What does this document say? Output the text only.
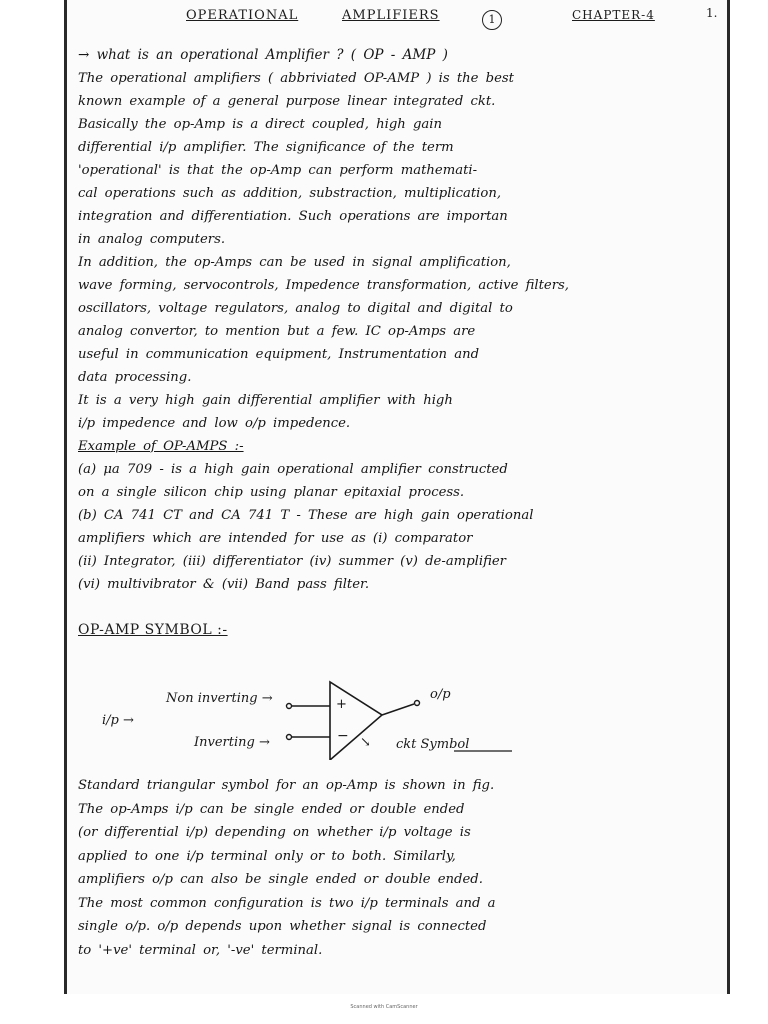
OPERATIONAL	AMPLIFIERS	1	CHAPTER-4	1.
→ what is an operational Amplifier ? ( OP - AMP )
The operational amplifiers ( abbriviated OP-AMP ) is the best
known example of a general purpose linear integrated ckt.
Basically the op-Amp is a direct coupled, high gain
differential i/p amplifier. The significance of the term
'operational' is that the op-Amp can perform mathemati-
cal operations such as addition, substraction, multiplication,
integration and differentiation. Such operations are importan
in analog computers.
In addition, the op-Amps can be used in signal amplification,
wave forming, servocontrols, Impedence transformation, active filters,
oscillators, voltage regulators, analog to digital and digital to
analog convertor, to mention but a few. IC op-Amps are
useful in communication equipment, Instrumentation and
data processing.
It is a very high gain differential amplifier with high
i/p impedence and low o/p impedence.
Example of OP-AMPS :-
(a) μa 709 - is a high gain operational amplifier constructed
on a single silicon chip using planar epitaxial process.
(b) CA 741 CT and CA 741 T - These are high gain operational
amplifiers which are intended for use as (i) comparator
(ii) Integrator, (iii) differentiator (iv) summer (v) de-amplifier
(vi) multivibrator & (vii) Band pass filter.
OP-AMP SYMBOL :-
i/p →
Non inverting →
Inverting →
+
−
o/p
↘ ckt Symbol
Standard triangular symbol for an op-Amp is shown in fig.
The op-Amps i/p can be single ended or double ended
(or differential i/p) depending on whether i/p voltage is
applied to one i/p terminal only or to both. Similarly,
amplifiers o/p can also be single ended or double ended.
The most common configuration is two i/p terminals and a
single o/p. o/p depends upon whether signal is connected
to '+ve' terminal or, '-ve' terminal.
Scanned with CamScanner
